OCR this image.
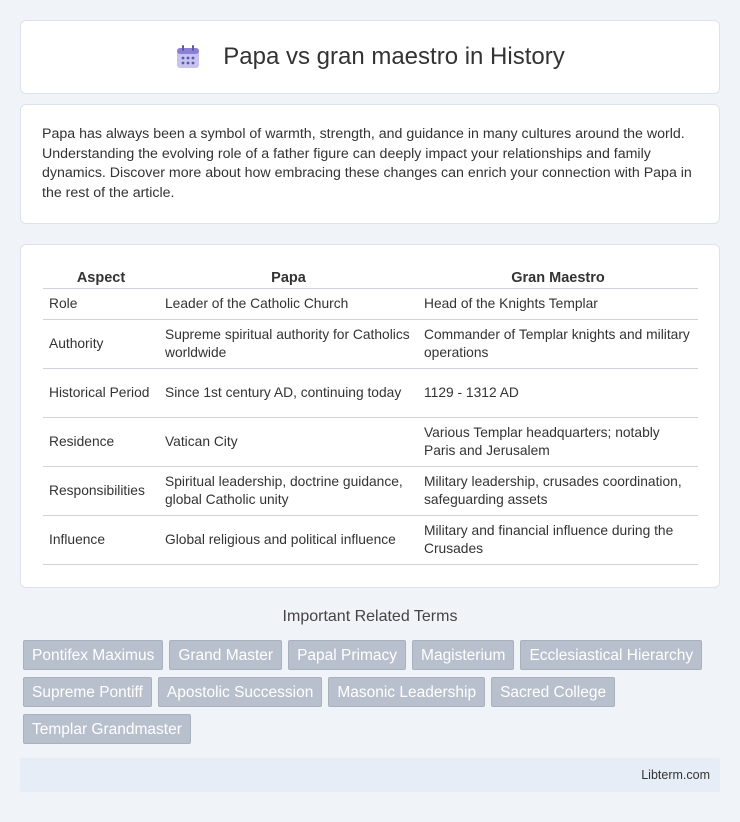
Papa vs gran maestro in History

Papa has always been a symbol of warmth, strength, and guidance in many cultures around the world. Understanding the evolving role of a father figure can deeply impact your relationships and family dynamics. Discover more about how embracing these changes can enrich your connection with Papa in the rest of the article.

Aspect	Papa	Gran Maestro
Role	Leader of the Catholic Church	Head of the Knights Templar
Authority	Supreme spiritual authority for Catholics worldwide	Commander of Templar knights and military operations
Historical Period	Since 1st century AD, continuing today	1129 - 1312 AD
Residence	Vatican City	Various Templar headquarters; notably Paris and Jerusalem
Responsibilities	Spiritual leadership, doctrine guidance, global Catholic unity	Military leadership, crusades coordination, safeguarding assets
Influence	Global religious and political influence	Military and financial influence during the Crusades
Important Related Terms
Pontifex Maximus	Grand Master	Papal Primacy	Magisterium	Ecclesiastical Hierarchy
Supreme Pontiff	Apostolic Succession	Masonic Leadership	Sacred College
Templar Grandmaster
Libterm.com
